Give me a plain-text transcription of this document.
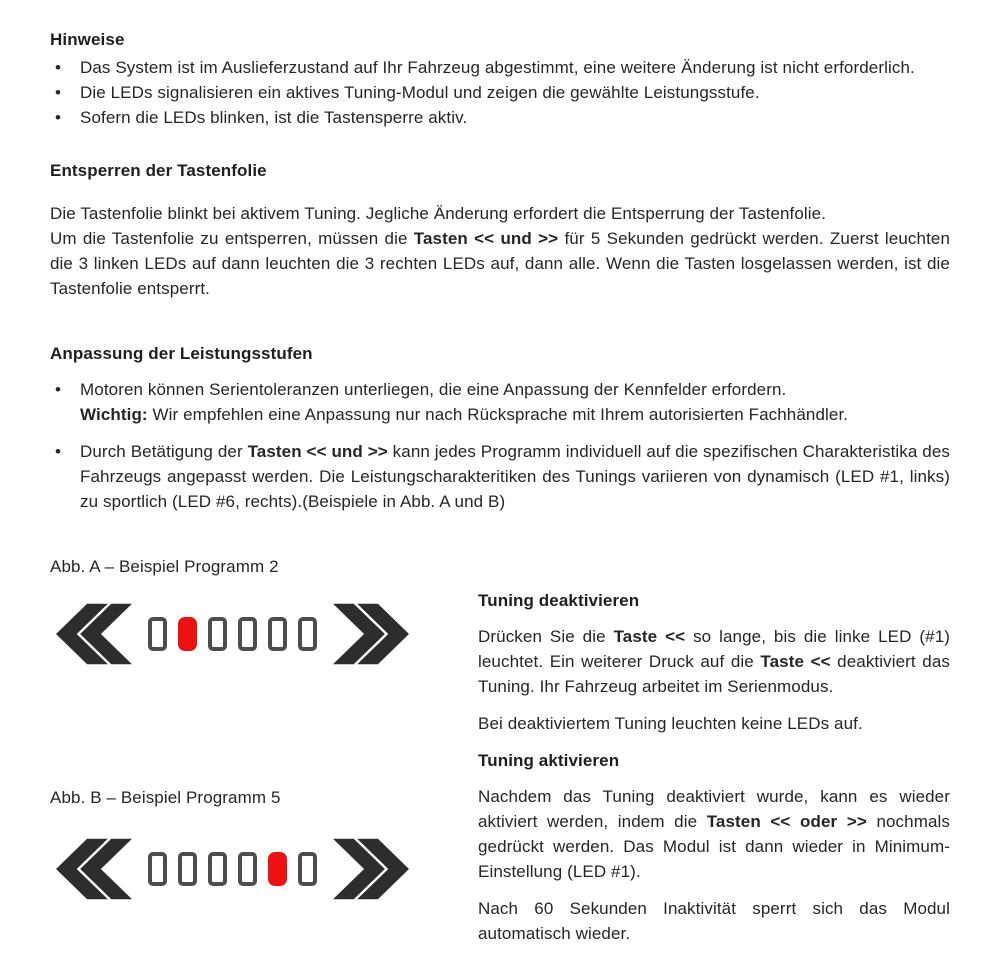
Hinweise
•	Das System ist im Auslieferzustand auf Ihr Fahrzeug abgestimmt, eine weitere Änderung ist nicht erforderlich.

•	Die LEDs signalisieren ein aktives Tuning-Modul und zeigen die gewählte Leistungsstufe.

•	Sofern die LEDs blinken, ist die Tastensperre aktiv.

Entsperren der Tastenfolie

Die Tastenfolie blinkt bei aktivem Tuning. Jegliche Änderung erfordert die Entsperrung der Tastenfolie.

Um die Tastenfolie zu entsperren, müssen die Tasten << und >> für 5 Sekunden gedrückt werden. Zuerst leuchten die 3 linken LEDs auf dann leuchten die 3 rechten LEDs auf, dann alle. Wenn die Tasten losgelassen werden, ist die Tastenfolie entsperrt.

Anpassung der Leistungsstufen
•	Motoren können Serientoleranzen unterliegen, die eine Anpassung der Kennfelder erfordern.
Wichtig: Wir empfehlen eine Anpassung nur nach Rücksprache mit Ihrem autorisierten Fachhändler.

•	Durch Betätigung der Tasten << und >> kann jedes Programm individuell auf die spezifischen Charakteristika des Fahrzeugs angepasst werden. Die Leistungscharakteritiken des Tunings variieren von dynamisch (LED #1, links) zu sportlich (LED #6, rechts).(Beispiele in Abb. A und B)

Abb. A – Beispiel Programm 2

Abb. B – Beispiel Programm 5

Tuning deaktivieren

Drücken Sie die Taste << so lange, bis die linke LED (#1) leuchtet. Ein weiterer Druck auf die Taste << deaktiviert das Tuning. Ihr Fahrzeug arbeitet im Serienmodus.

Bei deaktiviertem Tuning leuchten keine LEDs auf.

Tuning aktivieren

Nachdem das Tuning deaktiviert wurde, kann es wieder aktiviert werden, indem die Tasten << oder >> nochmals gedrückt werden. Das Modul ist dann wieder in Minimum-Einstellung (LED #1).

Nach 60 Sekunden Inaktivität sperrt sich das Modul automatisch wieder.
